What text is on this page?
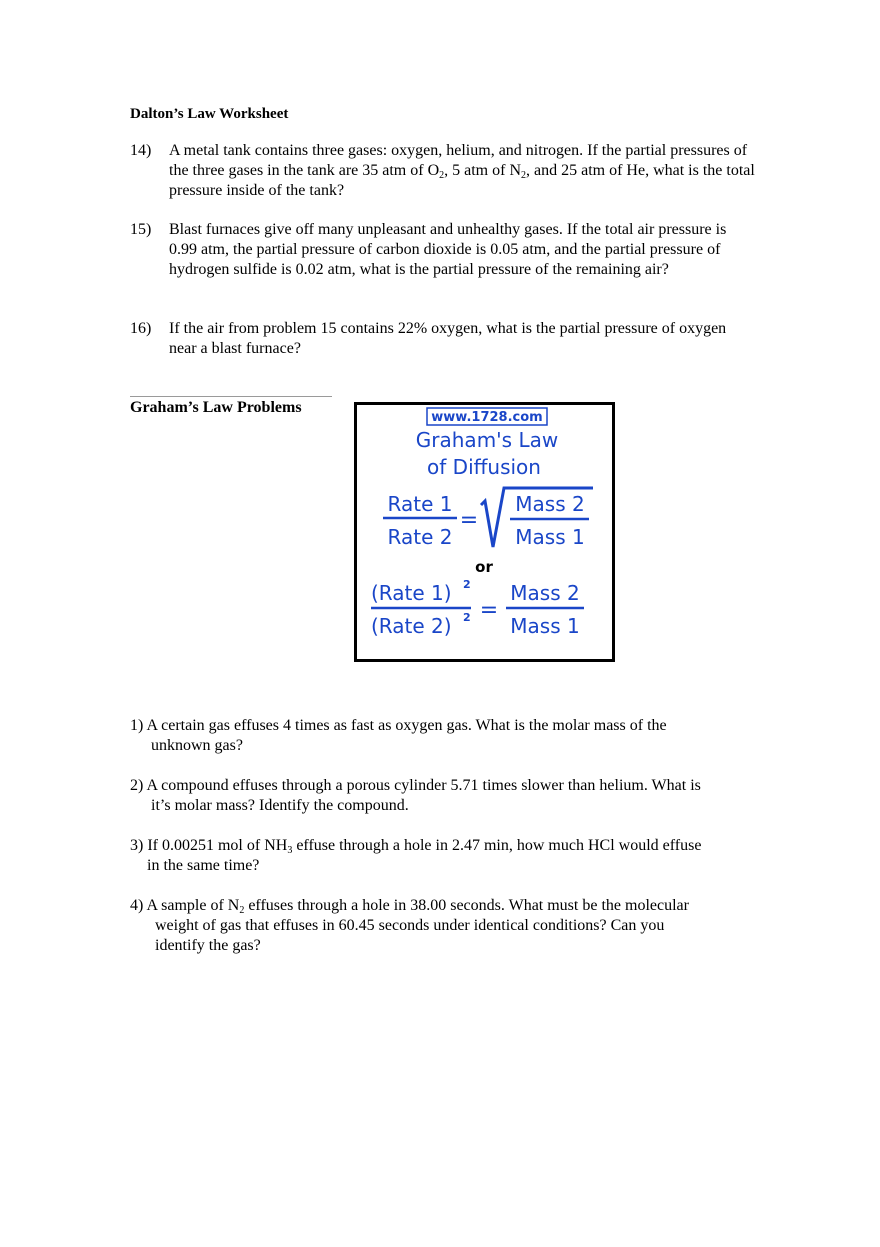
Dalton’s Law Worksheet
14) A metal tank contains three gases: oxygen, helium, and nitrogen. If the partial pressures of the three gases in the tank are 35 atm of $O_2$, 5 atm of $N_2$, and 25 atm of He, what is the total pressure inside of the tank?
15) Blast furnaces give off many unpleasant and unhealthy gases. If the total air pressure is 0.99 atm, the partial pressure of carbon dioxide is 0.05 atm, and the partial pressure of hydrogen sulfide is 0.02 atm, what is the partial pressure of the remaining air?
16) If the air from problem 15 contains 22% oxygen, what is the partial pressure of oxygen near a blast furnace?
Graham’s Law Problems
www.1728.com
Graham's Law
of Diffusion
Rate 1
Rate 2
=
Mass 2
Mass 1
or
(Rate 1) 2
(Rate 2) 2 =
Mass 2
Mass 1
1) A certain gas effuses 4 times as fast as oxygen gas. What is the molar mass of the
unknown gas?
2) A compound effuses through a porous cylinder 5.71 times slower than helium. What is
it’s molar mass? Identify the compound.
3) If 0.00251 mol of $NH_3$ effuse through a hole in 2.47 min, how much HCl would effuse
in the same time?
4) A sample of $N_2$ effuses through a hole in 38.00 seconds. What must be the molecular
weight of gas that effuses in 60.45 seconds under identical conditions? Can you
identify the gas?
